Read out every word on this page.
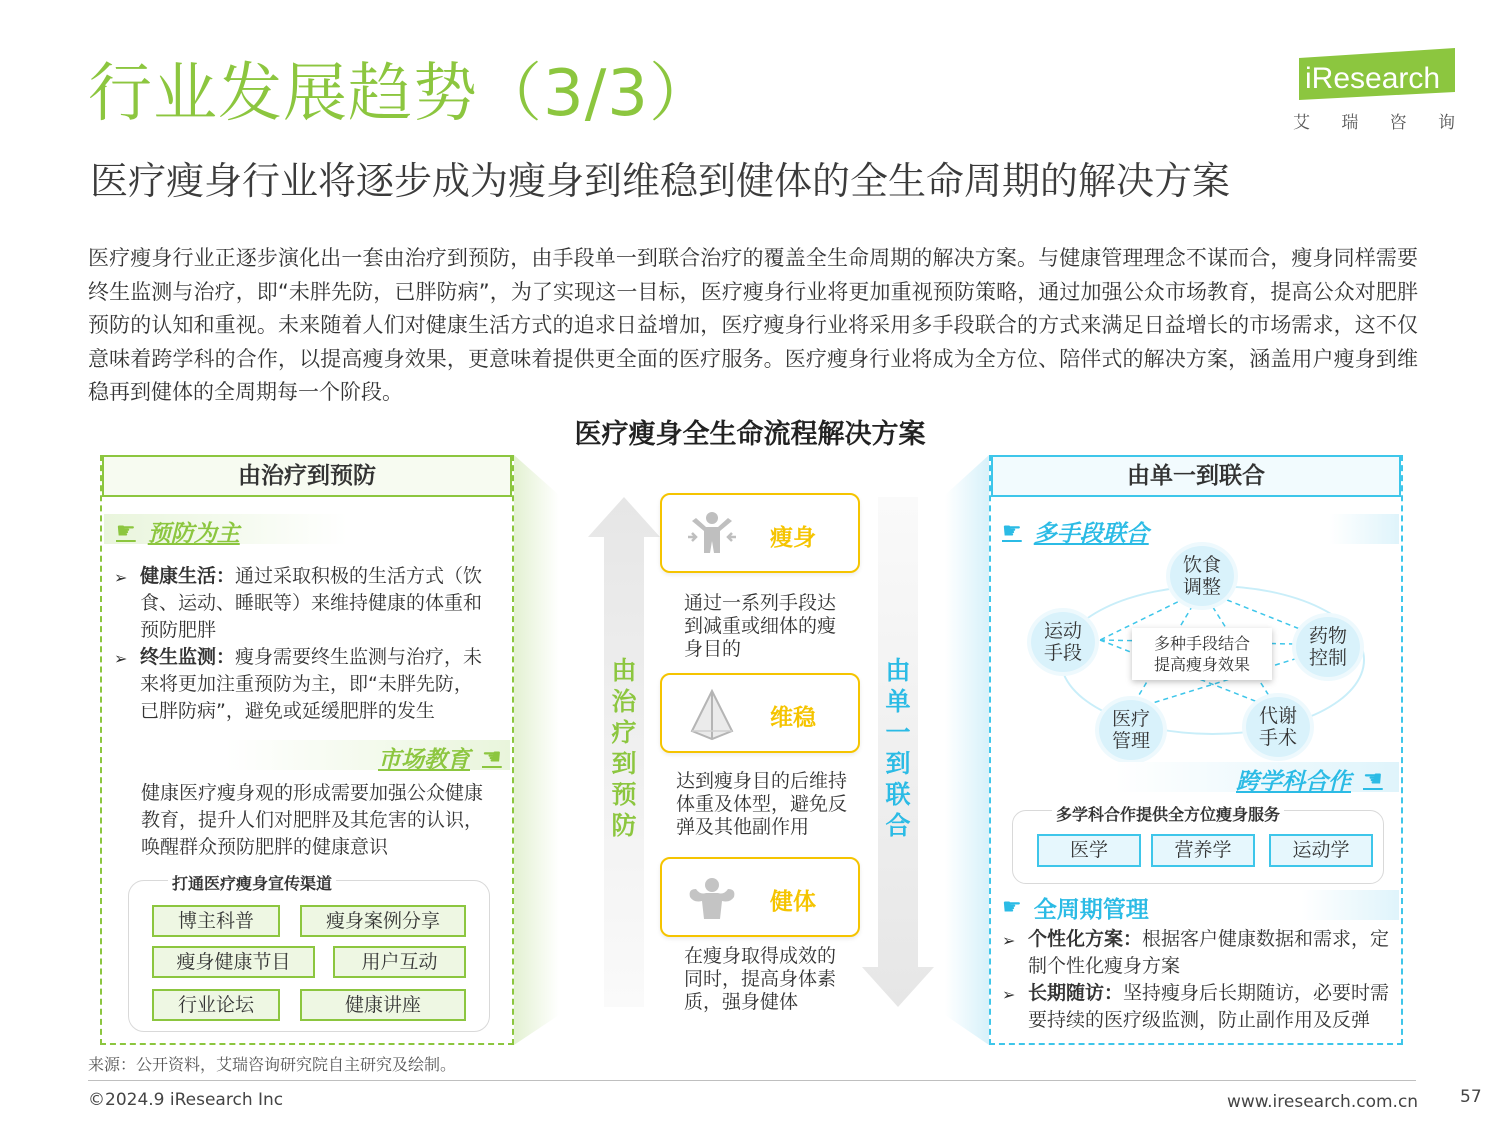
行业发展趋势（3/3）
医疗瘦身行业将逐步成为瘦身到维稳到健体的全生命周期的解决方案
iResearch
艾 瑞 咨 询
医疗瘦身行业正逐步演化出一套由治疗到预防，由手段单一到联合治疗的覆盖全生命周期的解决方案。与健康管理理念不谋而合，瘦身同样需要终生监测与治疗，即“未胖先防，已胖防病”，为了实现这一目标，医疗瘦身行业将更加重视预防策略，通过加强公众市场教育，提高公众对肥胖预防的认知和重视。未来随着人们对健康生活方式的追求日益增加，医疗瘦身行业将采用多手段联合的方式来满足日益增长的市场需求，这不仅意味着跨学科的合作，以提高瘦身效果，更意味着提供更全面的医疗服务。医疗瘦身行业将成为全方位、陪伴式的解决方案，涵盖用户瘦身到维稳再到健体的全周期每一个阶段。
医疗瘦身全生命流程解决方案
由治疗到预防
☛ 预防为主
➢ 健康生活：通过采取积极的生活方式（饮
食、运动、睡眠等）来维持健康的体重和
预防肥胖
➢ 终生监测：瘦身需要终生监测与治疗，未
来将更加注重预防为主，即“未胖先防，
已胖防病”，避免或延缓肥胖的发生
市场教育 ☚
健康医疗瘦身观的形成需要加强公众健康
教育，提升人们对肥胖及其危害的认识，
唤醒群众预防肥胖的健康意识
打通医疗瘦身宣传渠道
博主科普	瘦身案例分享
瘦身健康节目	用户互动
行业论坛	健康讲座
由
治
疗
到
预
防
由
单
一
到
联
合
瘦身
通过一系列手段达
到减重或细体的瘦
身目的
维稳
达到瘦身目的后维持
体重及体型，避免反
弹及其他副作用
健体
在瘦身取得成效的
同时，提高身体素
质，强身健体
由单一到联合
☛ 多手段联合
饮食
调整
运动
手段
药物
控制
医疗
管理
代谢
手术
多种手段结合
提高瘦身效果
跨学科合作 ☚
多学科合作提供全方位瘦身服务
医学	营养学	运动学
☛ 全周期管理
➢ 个性化方案：根据客户健康数据和需求，定
制个性化瘦身方案
➢ 长期随访：坚持瘦身后长期随访，必要时需
要持续的医疗级监测，防止副作用及反弹
来源：公开资料，艾瑞咨询研究院自主研究及绘制。
©2024.9 iResearch Inc	www.iresearch.com.cn 57
